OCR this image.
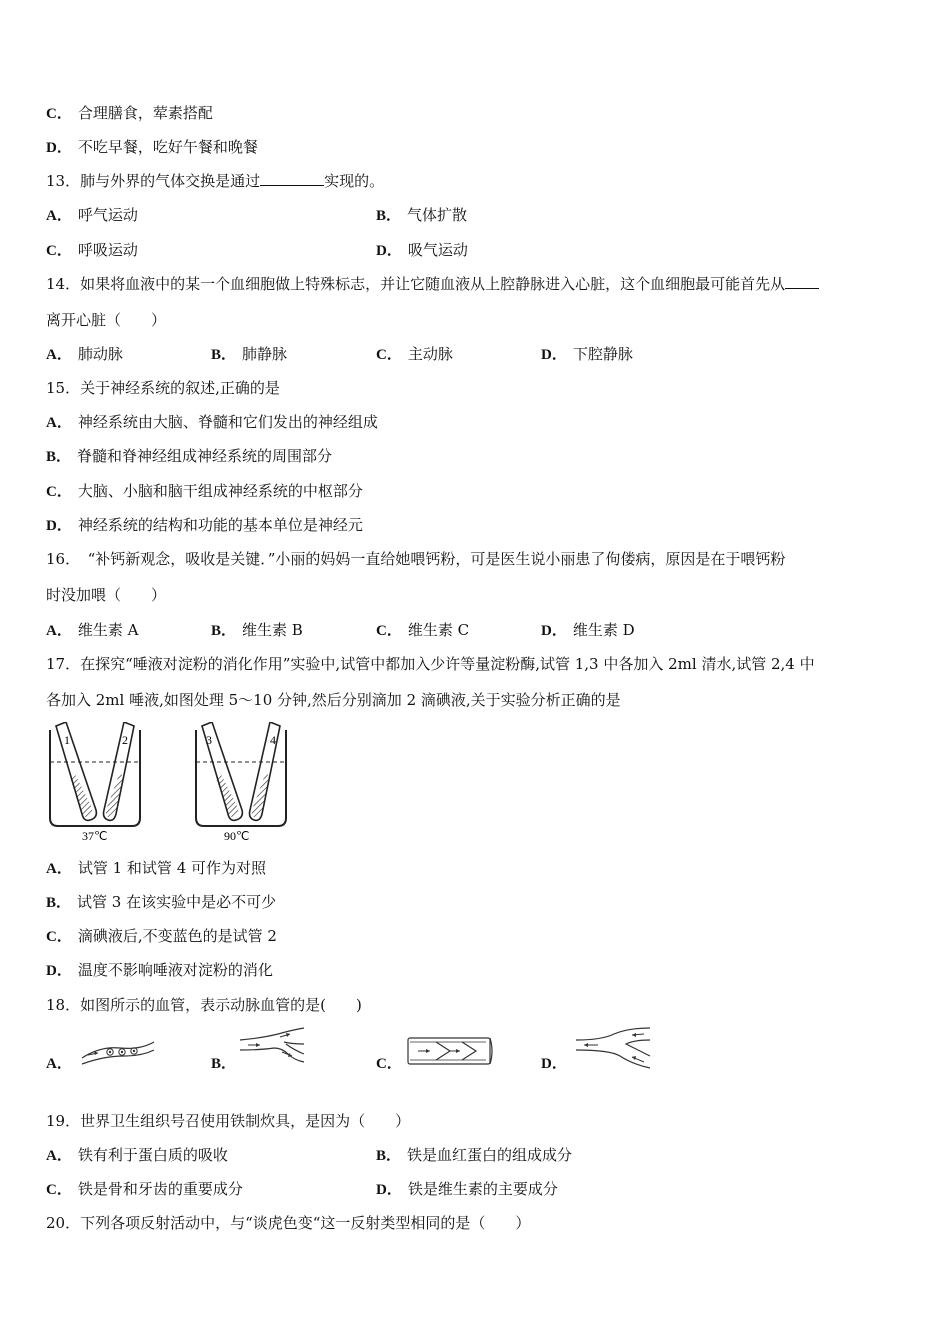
C． 合理膳食，荤素搭配
D． 不吃早餐，吃好午餐和晚餐
13．肺与外界的气体交换是通过	实现的。
A． 呼气运动	B． 气体扩散
C． 呼吸运动	D． 吸气运动
14．如果将血液中的某一个血细胞做上特殊标志，并让它随血液从上腔静脉进入心脏，这个血细胞最可能首先从
离开心脏（　　）
A． 肺动脉	B． 肺静脉	C． 主动脉	D． 下腔静脉
15．关于神经系统的叙述,正确的是
A． 神经系统由大脑、脊髓和它们发出的神经组成
B． 脊髓和脊神经组成神经系统的周围部分
C． 大脑、小脑和脑干组成神经系统的中枢部分
D． 神经系统的结构和功能的基本单位是神经元
16．　“补钙新观念，吸收是关键．”小丽的妈妈一直给她喂钙粉，可是医生说小丽患了佝偻病，原因是在于喂钙粉
时没加喂（　　）
A． 维生素 A	B． 维生素 B	C． 维生素 C	D． 维生素 D
17．在探究“唾液对淀粉的消化作用”实验中,试管中都加入少许等量淀粉酶,试管 1,3 中各加入 2ml 清水,试管 2,4 中
各加入 2ml 唾液,如图处理 5～10 分钟,然后分别滴加 2 滴碘液,关于实验分析正确的是
1	2
37℃
3	4
90℃
A． 试管 1 和试管 4 可作为对照
B． 试管 3 在该实验中是必不可少
C． 滴碘液后,不变蓝色的是试管 2
D． 温度不影响唾液对淀粉的消化
18．如图所示的血管，表示动脉血管的是(　　)
A．	B．	C．	D．
19．世界卫生组织号召使用铁制炊具，是因为（　　）
A． 铁有利于蛋白质的吸收	B． 铁是血红蛋白的组成成分
C． 铁是骨和牙齿的重要成分	D． 铁是维生素的主要成分
20．下列各项反射活动中，与“谈虎色变“这一反射类型相同的是（　　）
